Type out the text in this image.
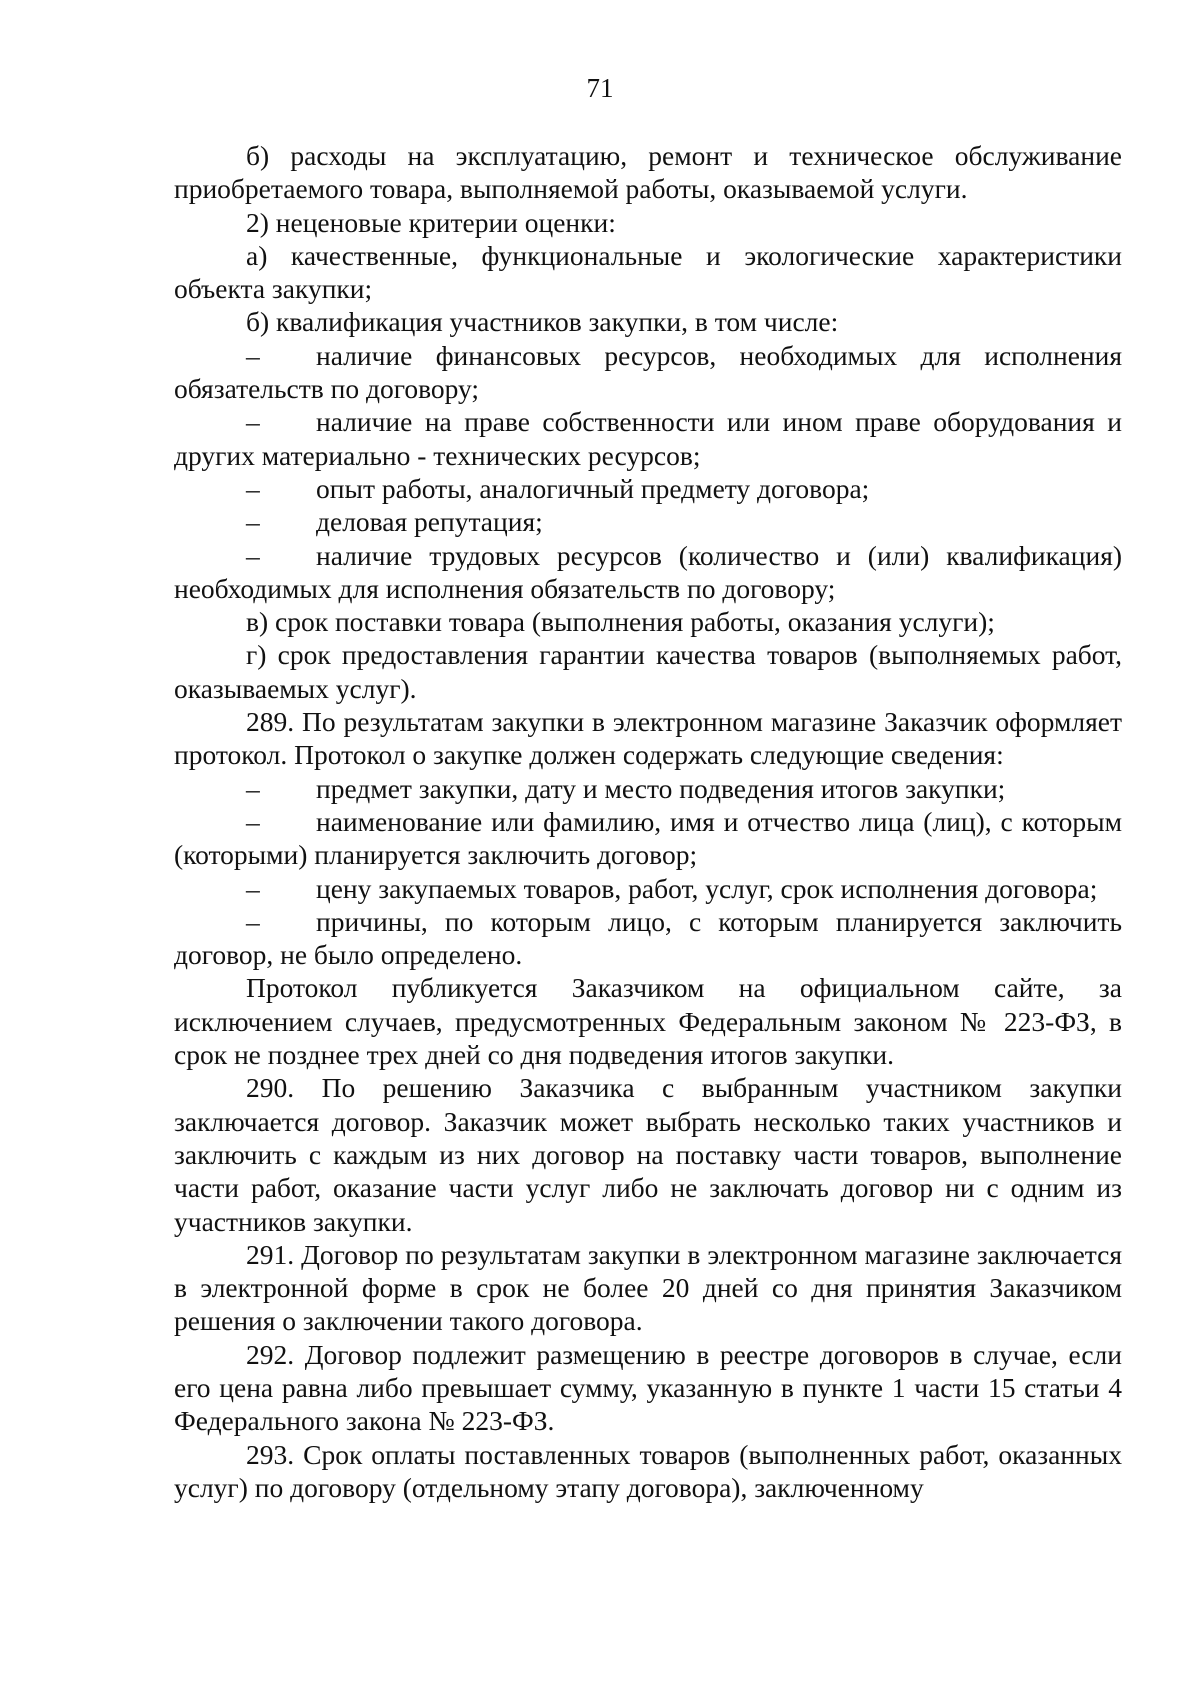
71

б) расходы на эксплуатацию, ремонт и техническое обслуживание приобретаемого товара, выполняемой работы, оказываемой услуги.

2) неценовые критерии оценки:

а) качественные, функциональные и экологические характеристики объекта закупки;

б) квалификация участников закупки, в том числе:

– наличие финансовых ресурсов, необходимых для исполнения обязательств по договору;

– наличие на праве собственности или ином праве оборудования и других материально - технических ресурсов;

– опыт работы, аналогичный предмету договора;

– деловая репутация;

– наличие трудовых ресурсов (количество и (или) квалификация) необходимых для исполнения обязательств по договору;

в) срок поставки товара (выполнения работы, оказания услуги);

г) срок предоставления гарантии качества товаров (выполняемых работ, оказываемых услуг).

289. По результатам закупки в электронном магазине Заказчик оформляет протокол. Протокол о закупке должен содержать следующие сведения:

– предмет закупки, дату и место подведения итогов закупки;

– наименование или фамилию, имя и отчество лица (лиц), с которым (которыми) планируется заключить договор;

– цену закупаемых товаров, работ, услуг, срок исполнения договора;

– причины, по которым лицо, с которым планируется заключить договор, не было определено.

Протокол публикуется Заказчиком на официальном сайте, за исключением случаев, предусмотренных Федеральным законом № 223-ФЗ, в срок не позднее трех дней со дня подведения итогов закупки.

290. По решению Заказчика с выбранным участником закупки заключается договор. Заказчик может выбрать несколько таких участников и заключить с каждым из них договор на поставку части товаров, выполнение части работ, оказание части услуг либо не заключать договор ни с одним из участников закупки.

291. Договор по результатам закупки в электронном магазине заключается в электронной форме в срок не более 20 дней со дня принятия Заказчиком решения о заключении такого договора.

292. Договор подлежит размещению в реестре договоров в случае, если его цена равна либо превышает сумму, указанную в пункте 1 части 15 статьи 4 Федерального закона № 223-ФЗ.

293. Срок оплаты поставленных товаров (выполненных работ, оказанных услуг) по договору (отдельному этапу договора), заключенному
